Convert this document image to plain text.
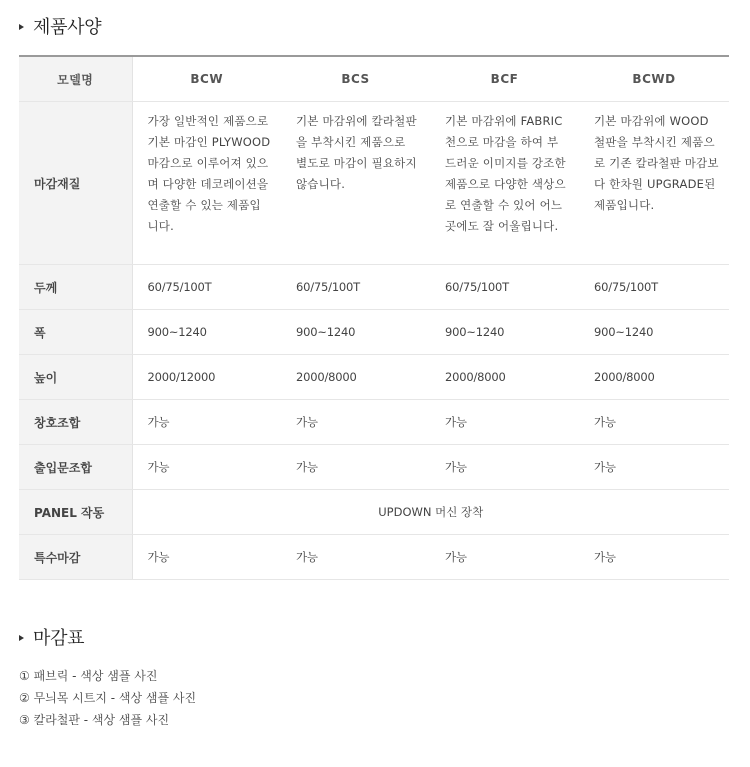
제품사양
모델명	BCW	BCS	BCF	BCWD
마감재질	가장 일반적인 제품으로 기본 마감인 PLYWOOD 마감으로 이루어져 있으며 다양한 데코레이션을 연출할 수 있는 제품입니다.	기본 마감위에 칼라철판을 부착시킨 제품으로 별도로 마감이 필요하지 않습니다.	기본 마감위에 FABRIC 천으로 마감을 하여 부드러운 이미지를 강조한 제품으로 다양한 색상으로 연출할 수 있어 어느곳에도 잘 어울립니다.	기본 마감위에 WOOD 철판을 부착시킨 제품으로 기존 칼라철판 마감보다 한차원 UPGRADE된 제품입니다.
두께	60/75/100T	60/75/100T	60/75/100T	60/75/100T
폭	900~1240	900~1240	900~1240	900~1240
높이	2000/12000	2000/8000	2000/8000	2000/8000
창호조합	가능	가능	가능	가능
출입문조합	가능	가능	가능	가능
PANEL 작동	UPDOWN 머신 장착			
특수마감	가능	가능	가능	가능
마감표
① 패브릭 - 색상 샘플 사진
② 무늬목 시트지 - 색상 샘플 사진
③ 칼라철판 - 색상 샘플 사진
